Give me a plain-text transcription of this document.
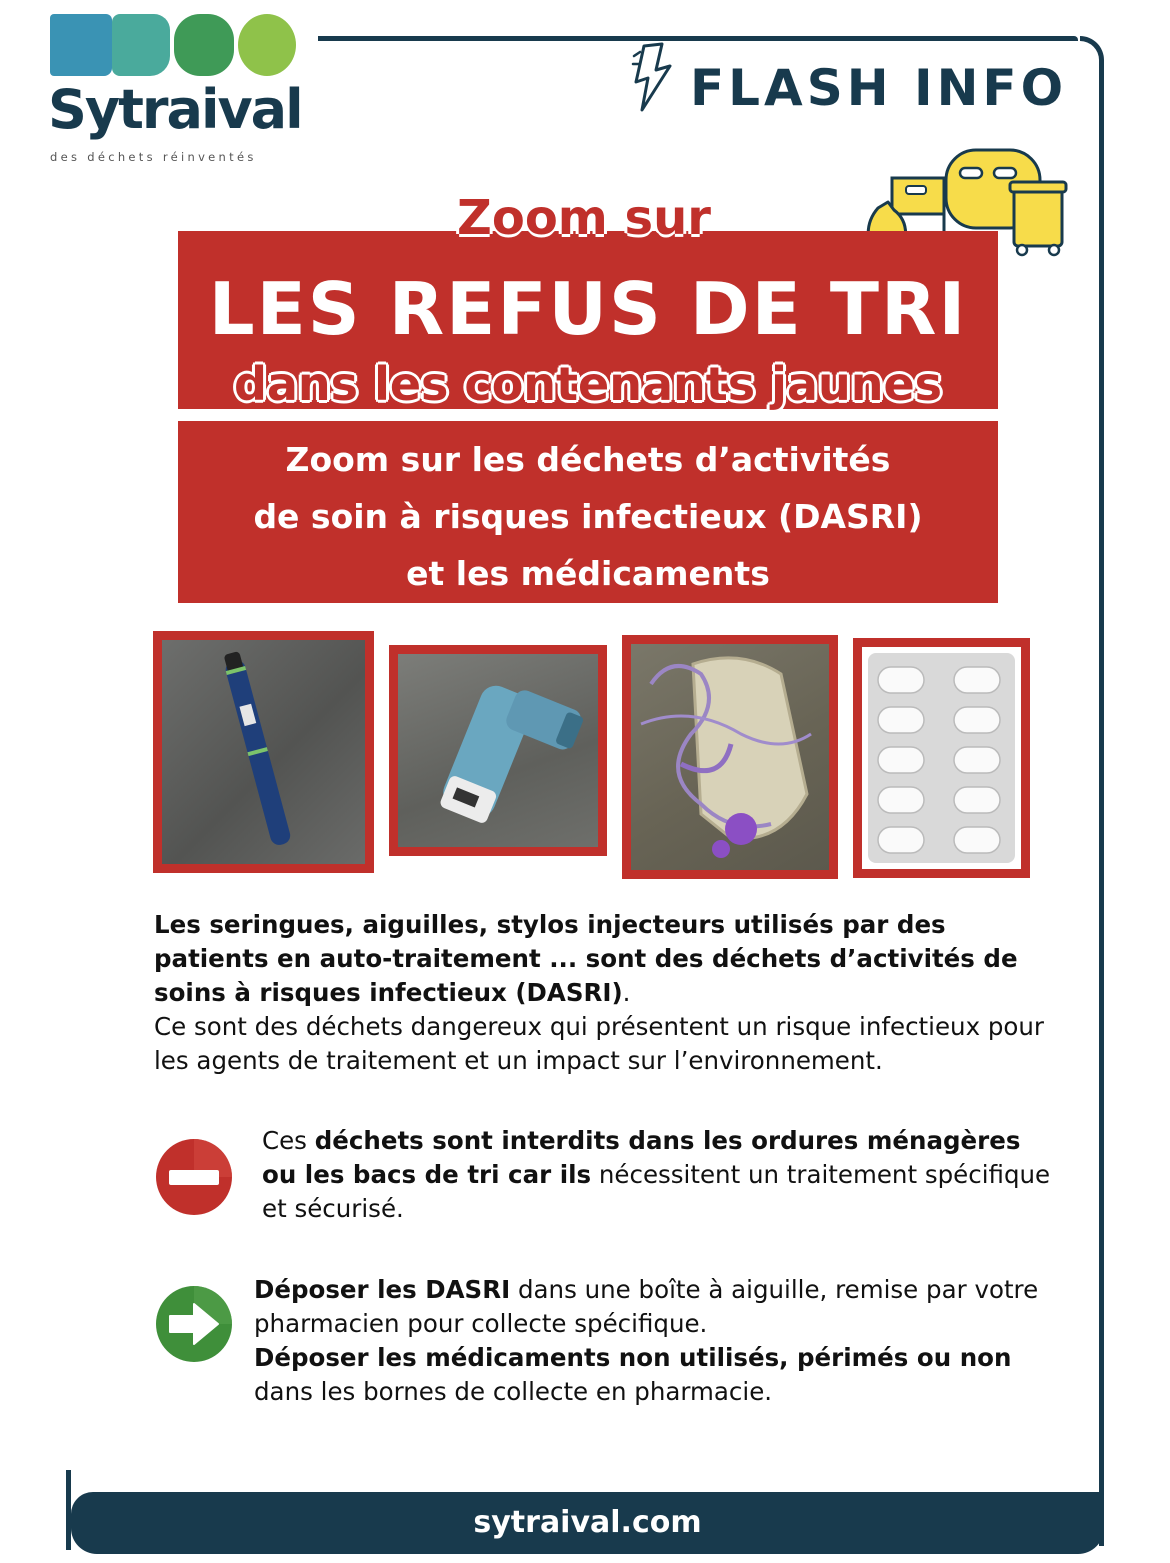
Sytraival
des déchets réinventés
FLASH INFO
Zoom sur
LES REFUS DE TRI
dans les contenants jaunes
Zoom sur les déchets d’activités
de soin à risques infectieux (DASRI)
et les médicaments
Les seringues, aiguilles, stylos injecteurs utilisés par des patients en auto-traitement ... sont des déchets d’activités de soins à risques infectieux (DASRI).
Ce sont des déchets dangereux qui présentent un risque infectieux pour les agents de traitement et un impact sur l’environnement.
Ces déchets sont interdits dans les ordures ménagères ou les bacs de tri car ils nécessitent un traitement spécifique et sécurisé.
Déposer les DASRI dans une boîte à aiguille, remise par votre pharmacien pour collecte spécifique.
Déposer les médicaments non utilisés, périmés ou non dans les bornes de collecte en pharmacie.
sytraival.com
